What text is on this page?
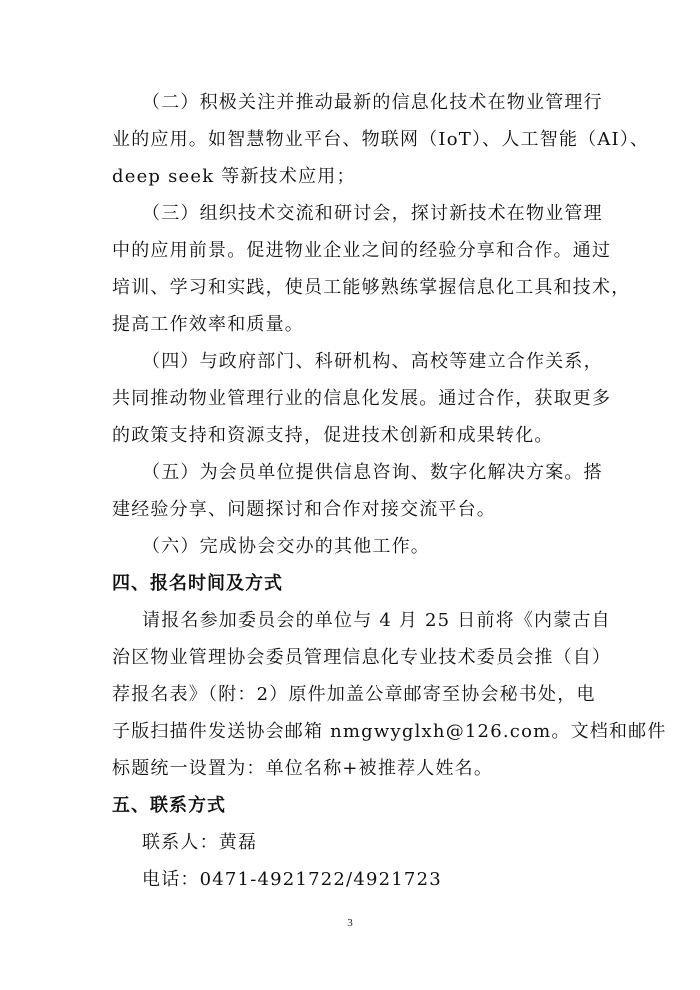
（二）积极关注并推动最新的信息化技术在物业管理行
业的应用。如智慧物业平台、物联网（IoT）、人工智能（AI）、
deep seek 等新技术应用；
（三）组织技术交流和研讨会，探讨新技术在物业管理
中的应用前景。促进物业企业之间的经验分享和合作。通过
培训、学习和实践，使员工能够熟练掌握信息化工具和技术，
提高工作效率和质量。
（四）与政府部门、科研机构、高校等建立合作关系，
共同推动物业管理行业的信息化发展。通过合作，获取更多
的政策支持和资源支持，促进技术创新和成果转化。
（五）为会员单位提供信息咨询、数字化解决方案。搭
建经验分享、问题探讨和合作对接交流平台。
（六）完成协会交办的其他工作。
四、报名时间及方式
请报名参加委员会的单位与 4 月 25 日前将《内蒙古自
治区物业管理协会委员管理信息化专业技术委员会推（自）
荐报名表》（附：2）原件加盖公章邮寄至协会秘书处，电
子版扫描件发送协会邮箱 nmgwyglxh@126.com。文档和邮件
标题统一设置为：单位名称+被推荐人姓名。
五、联系方式
联系人：黄磊
电话：0471-4921722/4921723
3
